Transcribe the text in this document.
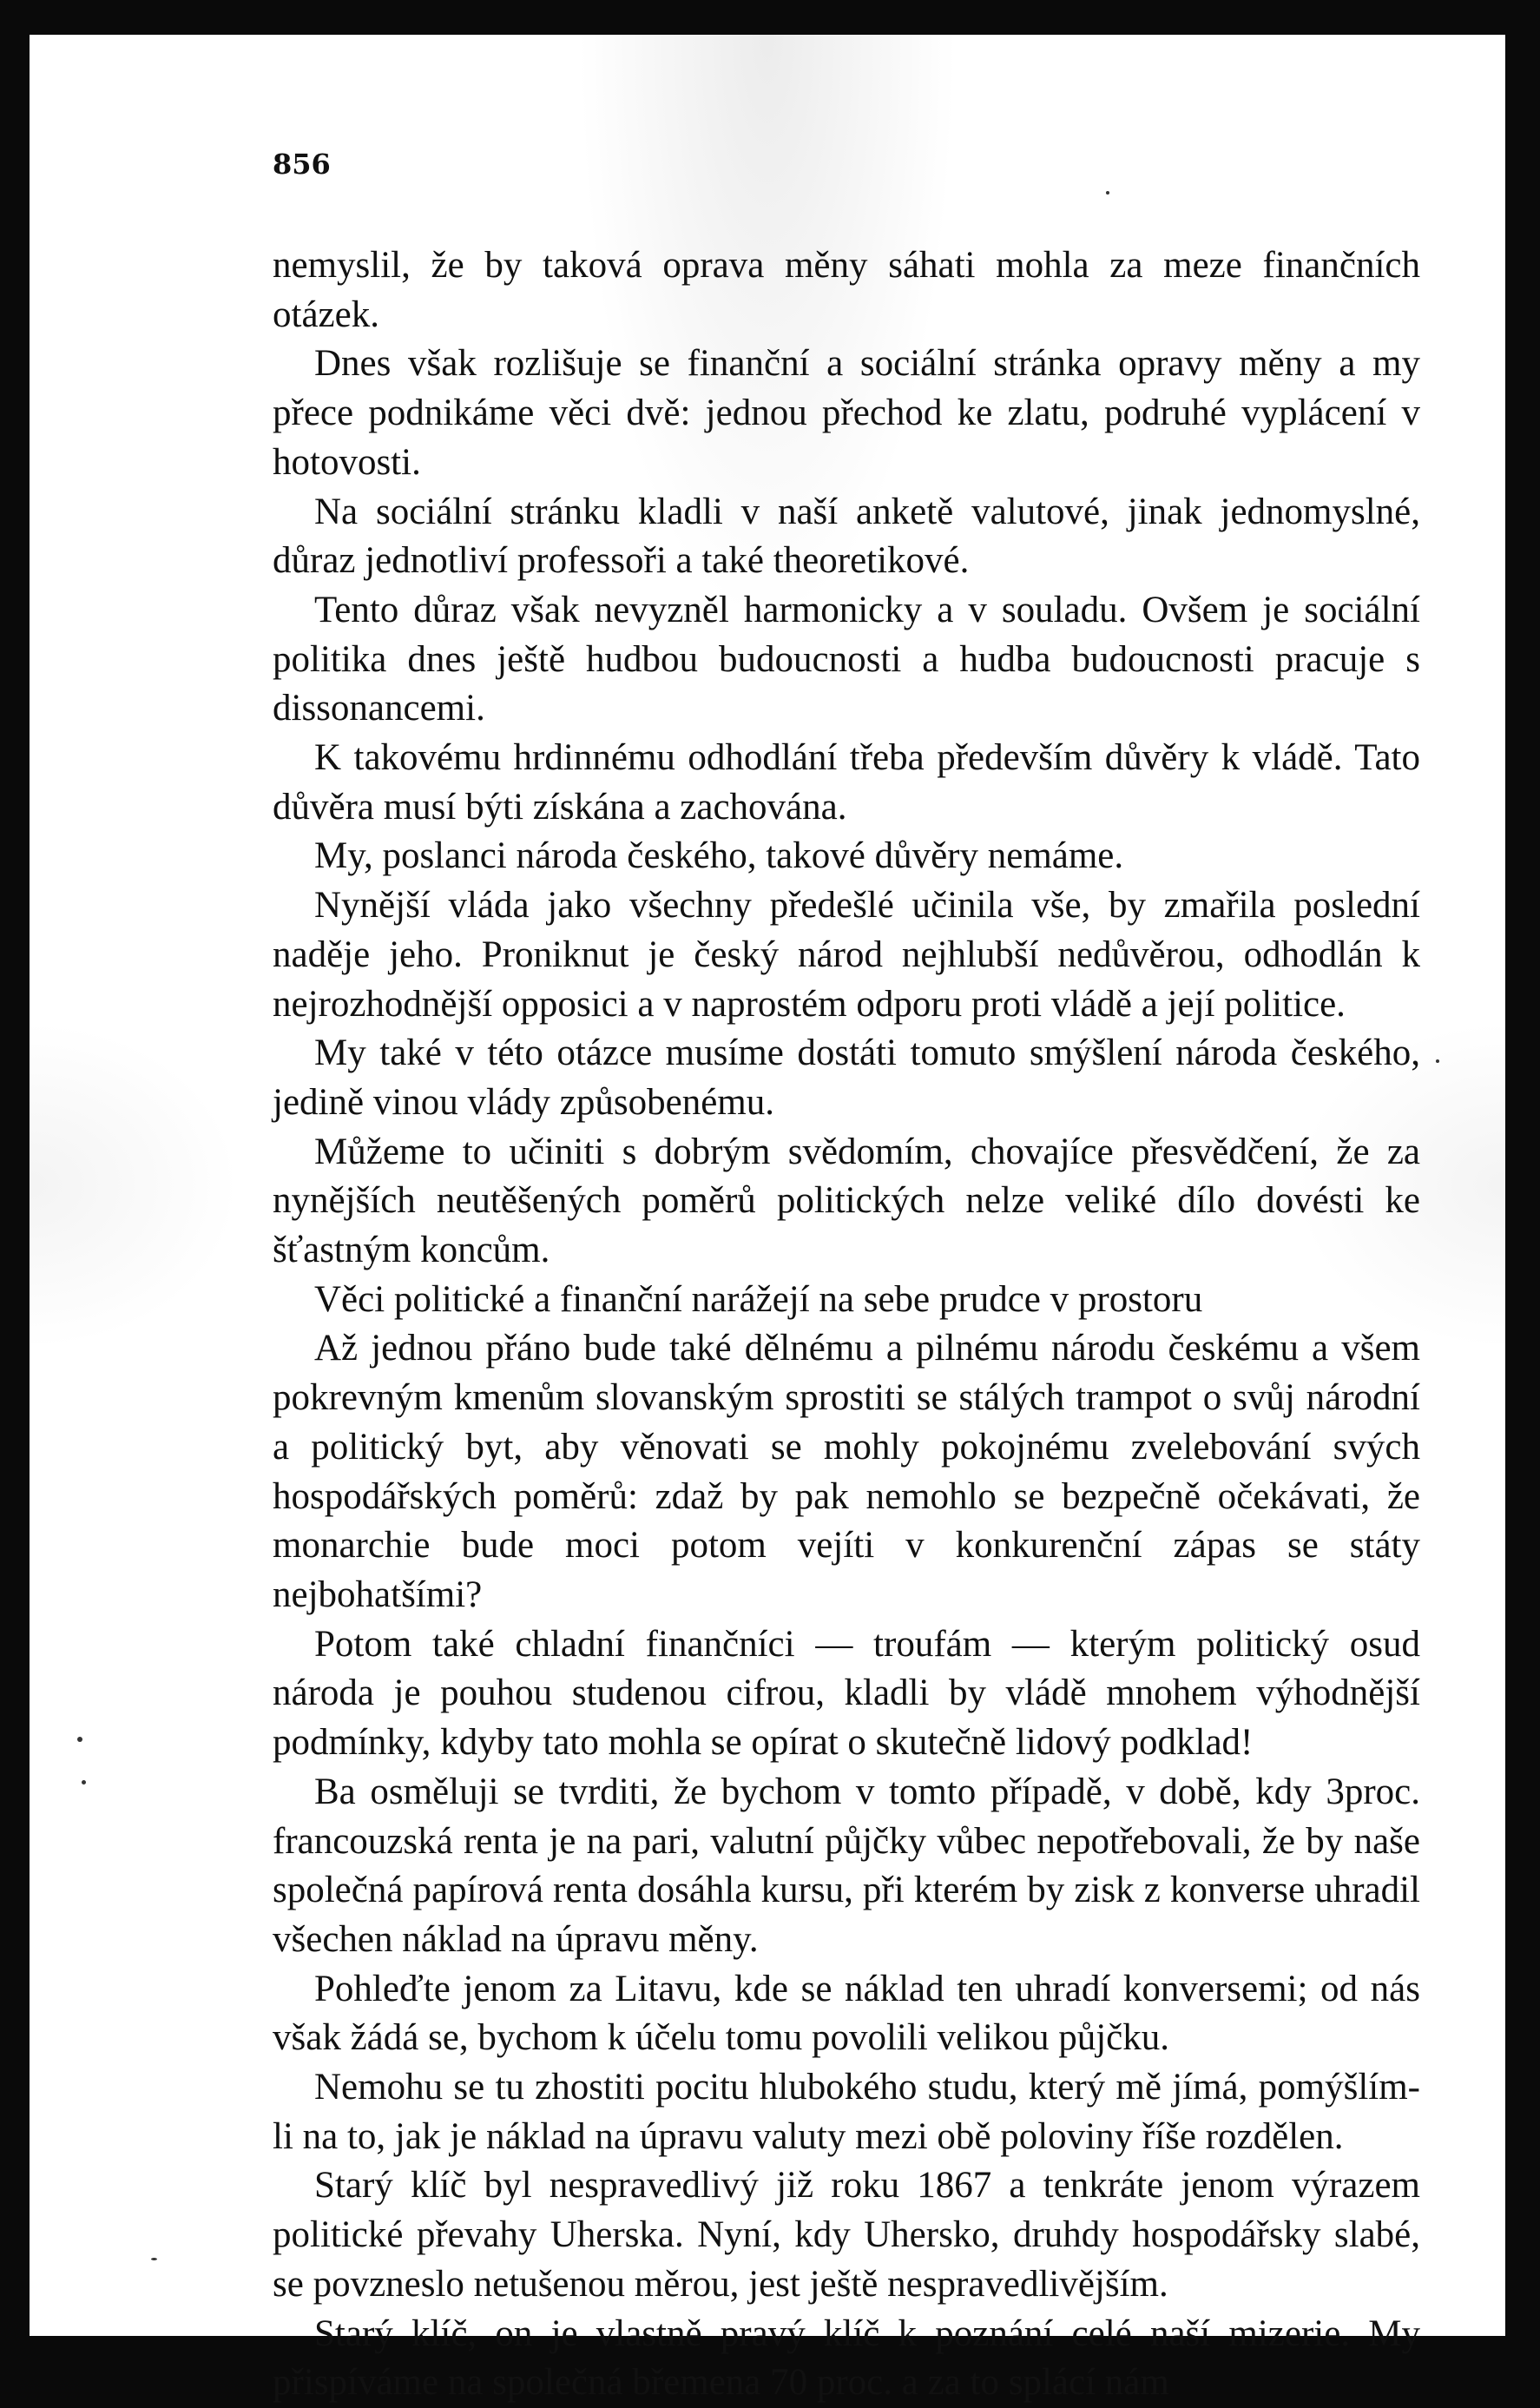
856

nemyslil, že by taková oprava měny sáhati mohla za meze finančních otázek.

Dnes však rozlišuje se finanční a sociální stránka opravy měny a my přece podnikáme věci dvě: jednou přechod ke zlatu, podruhé vyplácení v hotovosti.

Na sociální stránku kladli v naší anketě valutové, jinak jednomyslné, důraz jednotliví professoři a také theoretikové.

Tento důraz však nevyzněl harmonicky a v souladu. Ovšem je sociální politika dnes ještě hudbou budoucnosti a hudba budoucnosti pracuje s dissonancemi.

K takovému hrdinnému odhodlání třeba především důvěry k vládě. Tato důvěra musí býti získána a zachována.

My, poslanci národa českého, takové důvěry nemáme.

Nynější vláda jako všechny předešlé učinila vše, by zmařila poslední naděje jeho. Proniknut je český národ nejhlubší nedůvěrou, odhodlán k nejrozhodnější opposici a v naprostém odporu proti vládě a její politice.

My také v této otázce musíme dostáti tomuto smýšlení národa českého, jedině vinou vlády způsobenému.

Můžeme to učiniti s dobrým svědomím, chovajíce přesvědčení, že za nynějších neutěšených poměrů politických nelze veliké dílo dovésti ke šťastným koncům.

Věci politické a finanční narážejí na sebe prudce v prostoru

Až jednou přáno bude také dělnému a pilnému národu českému a všem pokrevným kmenům slovanským sprostiti se stálých trampot o svůj národní a politický byt, aby věnovati se mohly pokojnému zvelebování svých hospodářských poměrů: zdaž by pak nemohlo se bezpečně očekávati, že monarchie bude moci potom vejíti v konkurenční zápas se státy nejbohatšími?

Potom také chladní finančníci — troufám — kterým politický osud národa je pouhou studenou cifrou, kladli by vládě mnohem výhodnější podmínky, kdyby tato mohla se opírat o skutečně lidový podklad!

Ba osměluji se tvrditi, že bychom v tomto případě, v době, kdy 3proc. francouzská renta je na pari, valutní půjčky vůbec nepotřebovali, že by naše společná papírová renta dosáhla kursu, při kterém by zisk z konverse uhradil všechen náklad na úpravu měny.

Pohleďte jenom za Litavu, kde se náklad ten uhradí konversemi; od nás však žádá se, bychom k účelu tomu povolili velikou půjčku.

Nemohu se tu zhostiti pocitu hlubokého studu, který mě jímá, pomýšlím-li na to, jak je náklad na úpravu valuty mezi obě poloviny říše rozdělen.

Starý klíč byl nespravedlivý již roku 1867 a tenkráte jenom výrazem politické převahy Uherska. Nyní, kdy Uhersko, druhdy hospodářsky slabé, se povzneslo netušenou měrou, jest ještě nespravedlivějším.

Starý klíč, on je vlastně pravý klíč k poznání celé naší mizerie. My přispíváme na společná břemena 70 proc. a za to splácí nám
